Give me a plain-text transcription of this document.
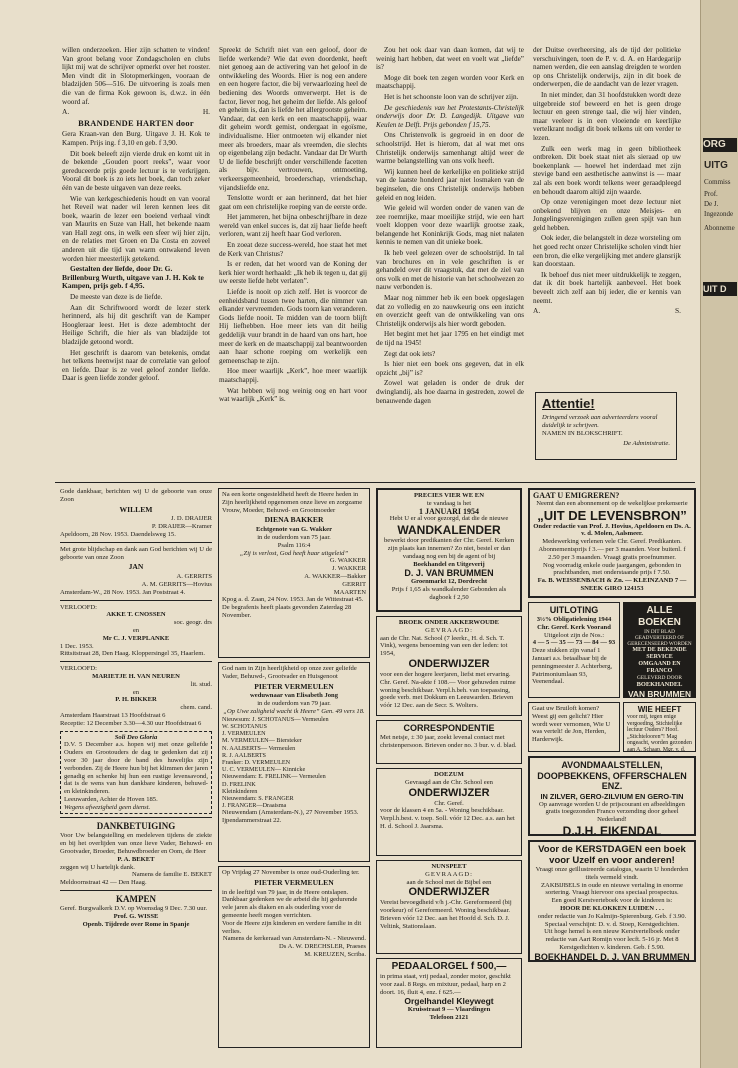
willen onderzoeken. Hier zijn schatten te vinden! Van groot belang voor Zondagscholen en clubs lijkt mij wat de schrijver opmerkt over het rooster. Men vindt dit in Slotopmerkingen, vooraan de bladzijden 506—516. De uitvoering is zoals men die van de firma Kok gewoon is, d.w.z. in één woord af.

A.	H.
BRANDENDE HARTEN door

Gera Kraan-van den Burg. Uitgave J. H. Kok te Kampen. Prijs ing. f 3,10 en geb. f 3,90.

Dit boek beleeft zijn vierde druk en komt uit in de bekende „Gouden poort reeks”, waar voor gereduceerde prijs goede lectuur is te verkrijgen. Vooral dit boek is zo iets het boek, dan toch zeker één van de beste uitgaven van deze reeks.

Wie van kerkgeschiedenis houdt en van vooral het Reveil wat nader wil leren kennen lees dit boek, waarin de lezer een boeiend verhaal vindt van Maurits en Suze van Hall, het bekende naam van Hall zegt ons, in welk een sfeer wij hier zijn, en de relaties met Groen en Da Costa en zoveel anderen uit die tijd van warm ontwakend leven worden hier meesterlijk getekend.

Gestalten der liefde, door Dr. G. Brillenburg Wurth, uitgave van J. H. Kok te Kampen, prijs geb. f 4,95.

De meeste van deze is de liefde.

Aan dit Schriftwoord wordt de lezer sterk herinnerd, als hij dit geschrift van de Kamper Hoogleraar leest. Het is deze adembtocht der Heilige Schrift, die hier als van bladzijde tot bladzijde getoond wordt.

Het geschrift is daarom van betekenis, omdat het telkens heenwijst naar de correlatie van geloof en liefde. Daar is ze veel geloof zonder liefde. Daar is geen liefde zonder geloof.

Spreekt de Schrift niet van een geloof, door de liefde werkende? Wie dat even doordenkt, heeft niet genoeg aan de activering van het geloof in de ontwikkeling des Woords. Hier is nog een andere en een hogere factor, die bij verwaarlozing heel de bediening des Woords omverwerpt. Het is de factor, liever nog, het geheim der liefde. Als geloof en geheim is, dan is liefde het allergrootste geheim. Vandaar, dat een kerk en een maatschappij, waar dit geheim wordt gemist, ondergaat in egoïsme, individualisme. Hier ontmoeten wij elkander niet meer als broeders, maar als vreemden, die slechts op eigenbelang zijn bedacht. Vandaar dat Dr Wurth U de liefde beschrijft onder verschillende facetten als bijv. vertrouwen, ontmoeting, verkeersgemeenheid, broederschap, vriendschap, vijandsliefde enz.

Tenslotte wordt er aan herinnerd, dat het hier gaat om een christelijke roeping van de eerste orde.

Het jammeren, het bijna onbeschrijfbare in deze wereld van enkel succes is, dat zij haar liefde heeft verloren, want zij heeft haar God verloren.

En zoeat deze success-wereld, hoe staat het met de Kerk van Christus?

Is er reden, dat het woord van de Koning der kerk hier wordt herhaald: „Ik heb ik tegen u, dat gij uw eerste liefde hebt verlaten”.

Liefde is nooit op zich zelf. Het is voorcor de eenheidsband tussen twee harten, die nimmer van elkander vervreemden. Gods toorn kan veranderen. Gods liefde nooit. Te midden van de toorn blijft Hij liefhebben. Hoe meer iets van dit heilig geddelijk vuur brandt in de haard van ons hart, hoe meer de kerk en de maatschappij zal beantwoorden aan haar schone roeping om werkelijk een gemeenschap te zijn.

Hoe meer waarlijk „Kerk”, hoe meer waarlijk maatschappij.

Wat hebben wij nog weinig oog en hart voor wat waarlijk „Kerk” is.

Zou het ook daar van daan komen, dat wij te weinig hart hebben, dat weet en voelt wat „liefde” is?

Moge dit boek ten zegen worden voor Kerk en maatschappij.

Het is het schoonste loon van de schrijver zijn.

De geschiedenis van het Protestants-Christelijk onderwijs door Dr. D. Langedijk. Uitgave van Keulen te Delft. Prijs gebonden f 15,75.

Ons Christenvolk is gegroeid in en door de schoolstrijd. Het is hierom, dat al wat met ons Christelijk onderwijs samenhangt altijd weer de warme belangstelling van ons volk heeft.

Wij kunnen heel de kerkelijke en politieke strijd van de laatste honderd jaar niet losmaken van de beginselen, die ons Christelijk onderwijs hebben geleid en nog leiden.

Wie geleid wil worden onder de vanen van de zee roemrijke, maar moeilijke strijd, wie een hart voelt kloppen voor deze waarlijk grootse zaak, belangende het Koninkrijk Gods, mag niet nalaten kennis te nemen van dit unieke boek.

Ik heb veel gelezen over de schoolstrijd. In tal van brochures en in vele geschriften is er gehandeld over dit vraagstuk, dat met de ziel van ons volk en met de historie van het schoolwezen zo nauw verbonden is.

Maar nog nimmer heb ik een boek opgeslagen dat zo volledig en zo nauwkeurig ons een inzicht en overzicht geeft van de ontwikkeling van ons Christelijk onderwijs als hier wordt geboden.

Het begint met het jaar 1795 en het eindigt met de tijd na 1945!

Zegt dat ook iets?

Is hier niet een boek ons gegeven, dat in elk opzicht „bij” is?

Zowel wat geladen is onder de druk der dwinglandij, als hoe daarna in gestreden, zowel de benauwende dagen

der Duitse overheersing, als de tijd der politieke verschuivingen, toen de P. v. d. A. en Hardegarijp namen werden, die een aanslag dreigden te worden op ons Christelijk onderwijs, zijn in dit boek de onderwerpen, die de aandacht van de lezer vragen.

In niet minder, dan 31 hoofdstukken wordt deze uitgebreide stof beweerd en het is geen droge lectuur en geen strenge taal, die wij hier vinden, maar veeleer is in een vloeiende en keerlijke vertelkrant nodigt dit boek telkens uit om verder te lezen.

Zulk een werk mag in geen bibliotheek ontbreken. Dit boek staat niet als sieraad op uw boekenplank — hoewel het inderdaad met zijn stevige band een aesthetische aanwinst is — maar zal als een boek wordt telkens weer geraadpleegd en behoudt daarom altijd zijn waarde.

Op onze verenigingen moet deze lectuur niet onbekend blijven en onze Meisjes- en Jongelingsverenigingen zullen geen spijt van hun geld hebben.

Ook ieder, die belangstelt in deze worsteling om het goed recht onzer Christelijke scholen vindt hier een bron, die elke vergelijking met andere glansrijk kan doorstaan.

Ik behoef dus niet meer uitdrukkelijk te zeggen, dat ik dit boek hartelijk aanbeveel. Het boek beveelt zich zelf aan bij ieder, die er kennis van neemt.

A.	S.
Attentie!
Dringend verzoek aan adverteerders vooral duidelijk te schrijven.
NAMEN IN BLOKSCHRIFT.
De Administratie.
Gode dankbaar, berichten wij U de geboorte van onze Zoon
WILLEM
J. D. DRAIJER
P. DRAIJER—Kramer
Apeldoorn, 28 Nov. 1953. Daendelsweg 15.
Met grote blijdschap en dank aan God berichten wij U de geboorte van onze Zoon
JAN
A. GERRITS
A. M. GERRITS—Hovius
Amsterdam-W., 28 Nov. 1953. Jan Poststraat 4.
VERLOOFD:
AKKE T. CNOSSEN
soc. geogr. drs
en
Mr C. J. VERPLANKE
1 Dec. 1953.
Rittsitstraat 28, Den Haag. Kloppersingel 35, Haarlem.
VERLOOFD:
MARIETJE H. VAN NEUREN
lit. stud.
en
P. H. BIKKER
chem. cand.
Amsterdam Haarstraat 13 Hoofdstraat 6
Receptie: 12 December 3.30—4.30 uur Hoofdstraat 6
Soli Deo Gloria
D.V. 5 December a.s. hopen wij met onze geliefde Ouders en Grootouders de dag te gedenken dat zij voor 30 jaar door de band des huwelijks zijn verbonden. Zij de Heere hun bij het klimmen der jaren genadig en schenke hij hun een rustige levensavond, dat is de wens van hun dankbare kinderen, behuwd- en kleinkinderen.
Leeuwarden, Achter de Hoven 185.
Wegens afwezigheid geen dienst.
DANKBETUIGING
Voor Uw belangstelling en medeleven tijdens de ziekte en bij het overlijden van onze lieve Vader, Behuwd- en Grootvader, Broeder, Behuwdbroeder en Oom, de Heer
P. A. BEKET
zeggen wij U hartelijk dank.
Namens de familie E. BEKET
Meldoornstraat 42 — Den Haag.
KAMPEN
Geref. Burgwalkerk D.V. op Woensdag 9 Dec. 7.30 uur.
Prof. G. WISSE
Openb. Tijdrede over Rome in Spanje
Na een korte ongesteldheid heeft de Heere heden in Zijn heerlijkheid opgenomen onze lieve en zorgzame Vrouw, Moeder, Behuwd- en Grootmoeder
DIENA BAKKER
Echtgenote van G. Wakker
in de ouderdom van 75 jaar.
Psalm 116:4
„Zij is verlost, God heeft haar uitgeleid”
G. WAKKER
J. WAKKER
A. WAKKER—Bakker
GERRIT
MAARTEN
Kpog a. d. Zaan, 24 Nov. 1953. Jan de Wittestraat 45.
De begrafenis heeft plaats gevonden Zaterdag 28 November.
God nam in Zijn heerlijkheid op onze zeer geliefde Vader, Behuwd-, Grootvader en Huisgenoot
PIETER VERMEULEN
weduwnaar van Elisabeth Jong
in de ouderdom van 79 jaar.
„Op Uwe zaligheid wacht ik Heere” Gen. 49 vers 18.
Nieuwsum: J. SCHOTANUS— Vermeulen
W. SCHOTANUS
J. VERMEULEN
M. VERMEULEN— Biersteker
N. AALBERTS— Vermeulen
R. J. AALBERTS
Franker: D. VERMEULEN
U. C. VERMEULEN— Kinnicke
Nieuwendam: E. FRELINK— Vermeulen
D. FRELINK
Kleinkinderen
Nieuwendam: S. FRANGER
J. FRANGER—Draaisma
Nieuwendam (Amsterdam-N.), 27 November 1953. Ijpendammerstraat 22.
Op Vrijdag 27 November is onze oud-Ouderling ter.
PIETER VERMEULEN
in de leeftijd van 79 jaar, in de Heere ontslapen. Dankbaar gedenken we de arbeid die hij gedurende vele jaren als diaken en als ouderling voor de gemeente heeft mogen verrichten.
Voor de Heere zijn kinderen en verdere familie in dit verlies.
Namens de kerkeraad van Amsterdam-N. - Nieuwend. Ds A. W. DRECHSLER, Praeses
M. KREUZEN, Scriba.
PRECIES VIER WE EN
te vandaag is het
1 JANUARI 1954
Hebt U er al voor gezorgd, dat die de nieuwe
WANDKALENDER
bewerkt door predikanten der Chr. Geref. Kerken zijn plaats kan innemen? Zo niet, bestel er dan vandaag nog een bij de agent of bij
Boekhandel en Uitgeverij
D. J. VAN BRUMMEN
Groenmarkt 12, Dordrecht
Prijs f 1,65 als wandkalender Gebonden als dagboek f 2,50
BROEK ONDER AKKERWOUDE
GEVRAAGD:
aan de Chr. Nat. School (7 leerkr., H. d. Sch. T. Vink), wegens benoeming van een der leden: tot 1954,
ONDERWIJZER
voor een der hogere leerjaren, liefst met ervaring. Chr. Geref. Na-akte f 108.— Voor gehuwden ruime woning beschikbaar. Verpl.h.beh. van toepassing, goede verb. met Dokkum en Leeuwarden. Brieven vóór 12 Dec. aan de Secr. S. Wolters.
CORRESPONDENTIE
Met netsje, ± 30 jaar, zoekt levenal contact met christenpersoon. Brieven onder no. 3 bur. v. d. blad.
DOEZUM
Gevraagd aan de Chr. School een
ONDERWIJZER
Chr. Geref.
voor de klassen 4 en 5a. - Woning beschikbaar. Verpl.h.best. v. toep. Soll. vóór 12 Dec. a.s. aan het H. d. School J. Jaarsma.
NUNSPEET
GEVRAAGD:
aan de School met de Bijbel een
ONDERWIJZER
Vereist bevoegdheid v/h j.-Chr. Gereformeerd (bij voorkeur) of Gereformeerd. Woning beschikbaar. Brieven vóór 12 Dec. aan het Hoofd d. Sch. D. J. Veltink, Stationslaan.
PEDAALORGEL f 500,—
in prima staat, vrij pedaal, zonder motor, geschikt voor zaal. 8 Regs. en mixtuur, pedaal, harp en 2 doort. 16, fluit 4, enz. f 625.—
Orgelhandel Kleywegt
Kruisstraat 9 — Vlaardingen
Telefoon 2121
GAAT U EMIGREREN?
Neemt dan een abonnement op de wekelijkse prekenserie
„UIT DE LEVENSBRON”
Onder redactie van Prof. J. Hovius, Apeldoorn en Ds. A. v. d. Molen, Aalsmeer.
Medewerking verlenen vele Chr. Geref. Predikanten.
Abonnementsprijs f 3.— per 3 maanden. Voor buitenl. f 2.50 per 3 maanden. Vraagt gratis proefnummer.
Nog voorradig enkele oude jaargangen, gebonden in prachtbanden, met onderstaande prijs f 7.50.
Fa. B. WEISSENBACH & Zn. — KLEINZAND 7 — SNEEK GIRO 124153
UITLOTING
3½% Obligatielening 1944 Chr. Geref. Kerk Voorand
Uitgeloot zijn de Nos.:
4 — 5 — 35 — 73 — 84 — 93
Deze stukken zijn vanaf 1 Januari a.s. betaalbaar bij de penningmeester J. Achterberg, Patrimoniumlaan 93, Veenendaal.
ALLE BOEKEN
IN DIT BLAD GEADVERTEERD OF GERECENSEERD WORDEN
MET DE BEKENDE SERVICE
OMGAAND EN FRANCO
GELEVERD DOOR
BOEKHANDEL
VAN BRUMMEN
Gaat uw Bruiloft komen? Weest gij een gelicht? Hier wordt weer vernomen, Wie U was vertelt! de Jon, Herden, Harderwijk.
WIE HEEFT
voor mij, tegen enige vergoeding, Stichtelijke lectuur Ouders? Hoof. „Stichtelooren”! Mag ongeacht, worden gezonden aan A. Schaap, Mgr. v. d.
AVONDMAALSTELLEN, DOOPBEKKENS, OFFERSCHALEN ENZ.
IN ZILVER, GERO-ZILVIUM EN GERO-TIN
Op aanvrage worden U de prijscourant en afbeeldingen gratis toegezonden Franco verzending door geheel Nederland!
D.J.H. EIKENDAL
Voor de KERSTDAGEN een boek voor Uzelf en voor anderen!
Vraagt onze geïllustreerde catalogus, waarin U honderden titels vermeld vindt.
ZAKBIJBELS in oude en nieuwe vertaling in enorme sortering. Vraagt hiervoor ons speciaal prospectus.
Een goed Kerstverteboek voor de kinderen is:
HOOR DE KLOKKEN LUIDEN . . .
onder redactie van Jo Kalmijn-Spierenburg. Geb. f 3.90. Speciaal verschijnt: D. v. d. Stoep, Kerstgedichten.
Uit hoge hemel is een nieuw Kerstvertelboek onder redactie van Aart Romijn voor lecft. 5-16 jr. Met 8 Kerstgedichten v. kinderen. Geb. f 5.90.
BOEKHANDEL D. J. VAN BRUMMEN
ORG
UITG
Commiss
Prof.
De J.
Ingezonde
Abonneme
UIT D
